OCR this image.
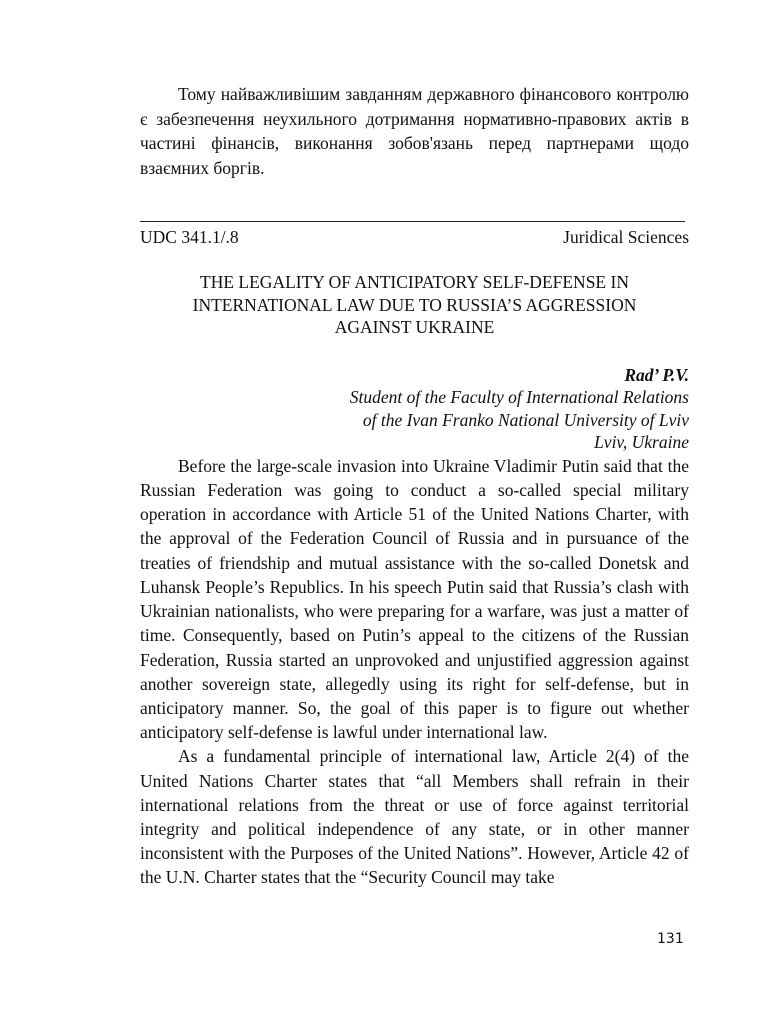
Тому найважливішим завданням державного фінансового контролю є забезпечення неухильного дотримання нормативно-правових актів в частині фінансів, виконання зобов'язань перед партнерами щодо взаємних боргів.

UDC 341.1/.8	Juridical Sciences
THE LEGALITY OF ANTICIPATORY SELF-DEFENSE IN
INTERNATIONAL LAW DUE TO RUSSIA’S AGGRESSION
AGAINST UKRAINE
Rad’ P.V.
Student of the Faculty of International Relations
of the Ivan Franko National University of Lviv
Lviv, Ukraine

Before the large-scale invasion into Ukraine Vladimir Putin said that the Russian Federation was going to conduct a so-called special military operation in accordance with Article 51 of the United Nations Charter, with the approval of the Federation Council of Russia and in pursuance of the treaties of friendship and mutual assistance with the so-called Donetsk and Luhansk People’s Republics. In his speech Putin said that Russia’s clash with Ukrainian nationalists, who were preparing for a warfare, was just a matter of time. Consequently, based on Putin’s appeal to the citizens of the Russian Federation, Russia started an unprovoked and unjustified aggression against another sovereign state, allegedly using its right for self-defense, but in anticipatory manner. So, the goal of this paper is to figure out whether anticipatory self-defense is lawful under international law.

As a fundamental principle of international law, Article 2(4) of the United Nations Charter states that “all Members shall refrain in their international relations from the threat or use of force against territorial integrity and political independence of any state, or in other manner inconsistent with the Purposes of the United Nations”. However, Article 42 of the U.N. Charter states that the “Security Council may take

131
